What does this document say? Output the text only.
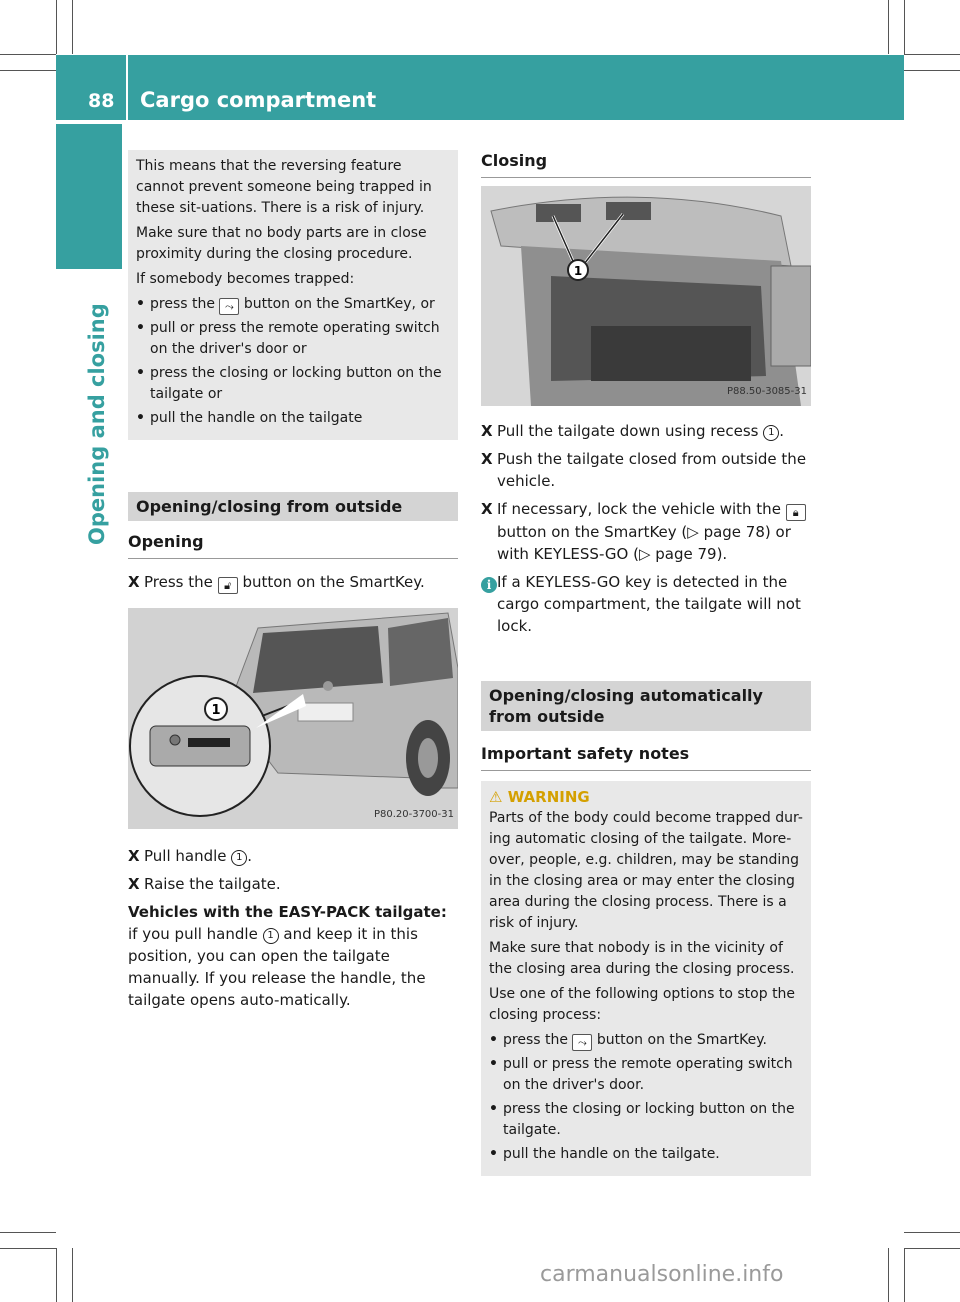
88 Cargo compartment
Opening and closing

This means that the reversing feature cannot prevent someone being trapped in these sit-uations. There is a risk of injury.

Make sure that no body parts are in close proximity during the closing procedure.

If somebody becomes trapped:

• press the ⤳ button on the SmartKey, or
• pull or press the remote operating switch on the driver's door or
• press the closing or locking button on the tailgate or
• pull the handle on the tailgate
Opening/closing from outside
Opening
X Press the 🔓︎ button on the SmartKey.
1
P80.20-3700-31
X Pull handle 1 .
X Raise the tailgate.

Vehicles with the EASY-PACK tailgate: if you pull handle 1 and keep it in this position, you can open the tailgate manually. If you release the handle, the tailgate opens auto-matically.

Closing
1
P88.50-3085-31
X Pull the tailgate down using recess 1 .
X Push the tailgate closed from outside the vehicle.
X If necessary, lock the vehicle with the 🔒︎ button on the SmartKey (▷ page 78) or with KEYLESS-GO (▷ page 79).
i If a KEYLESS-GO key is detected in the cargo compartment, the tailgate will not lock.
Opening/closing automatically from outside
Important safety notes
⚠︎ WARNING

Parts of the body could become trapped dur-ing automatic closing of the tailgate. More-over, people, e.g. children, may be standing in the closing area or may enter the closing area during the closing process. There is a risk of injury.

Make sure that nobody is in the vicinity of the closing area during the closing process.

Use one of the following options to stop the closing process:

• press the ⤳ button on the SmartKey.
• pull or press the remote operating switch on the driver's door.
• press the closing or locking button on the tailgate.
• pull the handle on the tailgate.
carmanualsonline.info
